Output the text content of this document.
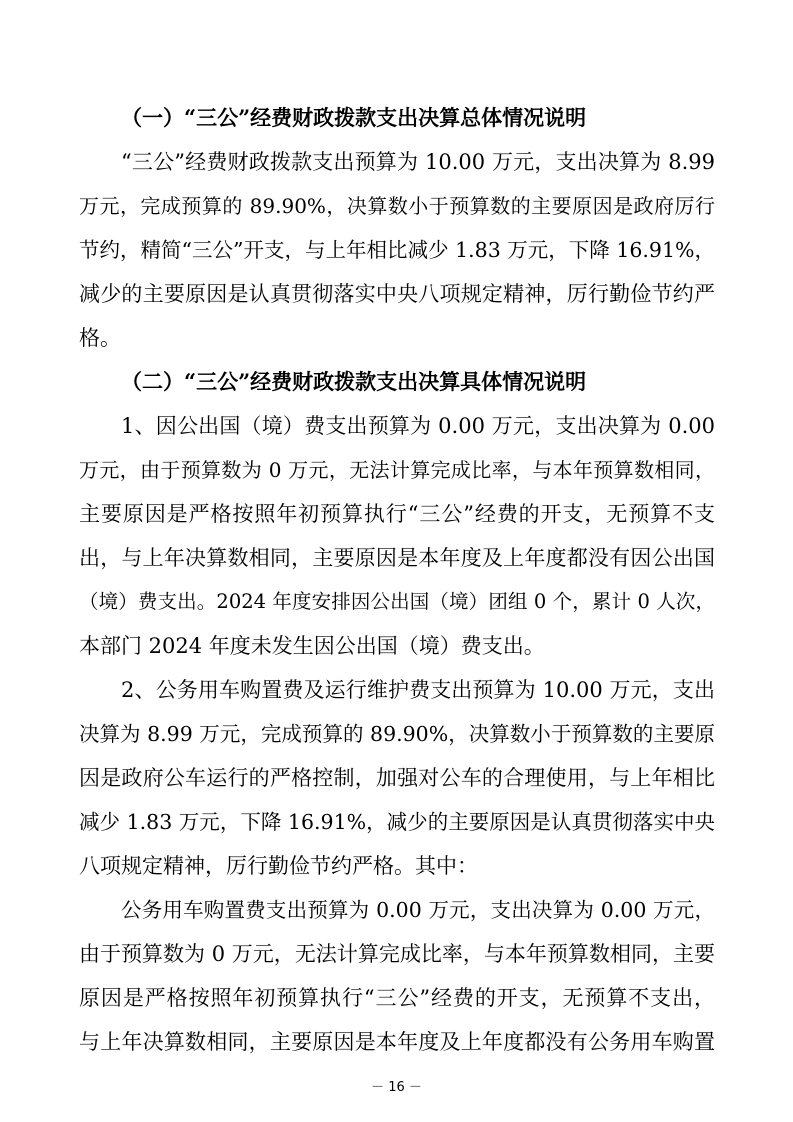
（一）“三公”经费财政拨款支出决算总体情况说明
“三公”经费财政拨款支出预算为 10.00 万元，支出决算为 8.99
万元，完成预算的 89.90%，决算数小于预算数的主要原因是政府厉行
节约，精简“三公”开支，与上年相比减少 1.83 万元，下降 16.91%，
减少的主要原因是认真贯彻落实中央八项规定精神，厉行勤俭节约严
格。
（二）“三公”经费财政拨款支出决算具体情况说明
1、因公出国（境）费支出预算为 0.00 万元，支出决算为 0.00
万元，由于预算数为 0 万元，无法计算完成比率，与本年预算数相同，
主要原因是严格按照年初预算执行“三公”经费的开支，无预算不支
出，与上年决算数相同，主要原因是本年度及上年度都没有因公出国
（境）费支出。2024 年度安排因公出国（境）团组 0 个，累计 0 人次，
本部门 2024 年度未发生因公出国（境）费支出。
2、公务用车购置费及运行维护费支出预算为 10.00 万元，支出
决算为 8.99 万元，完成预算的 89.90%，决算数小于预算数的主要原
因是政府公车运行的严格控制，加强对公车的合理使用，与上年相比
减少 1.83 万元，下降 16.91%，减少的主要原因是认真贯彻落实中央
八项规定精神，厉行勤俭节约严格。其中：
公务用车购置费支出预算为 0.00 万元，支出决算为 0.00 万元，
由于预算数为 0 万元，无法计算完成比率，与本年预算数相同，主要
原因是严格按照年初预算执行“三公”经费的开支，无预算不支出，
与上年决算数相同，主要原因是本年度及上年度都没有公务用车购置
－ 16 －
